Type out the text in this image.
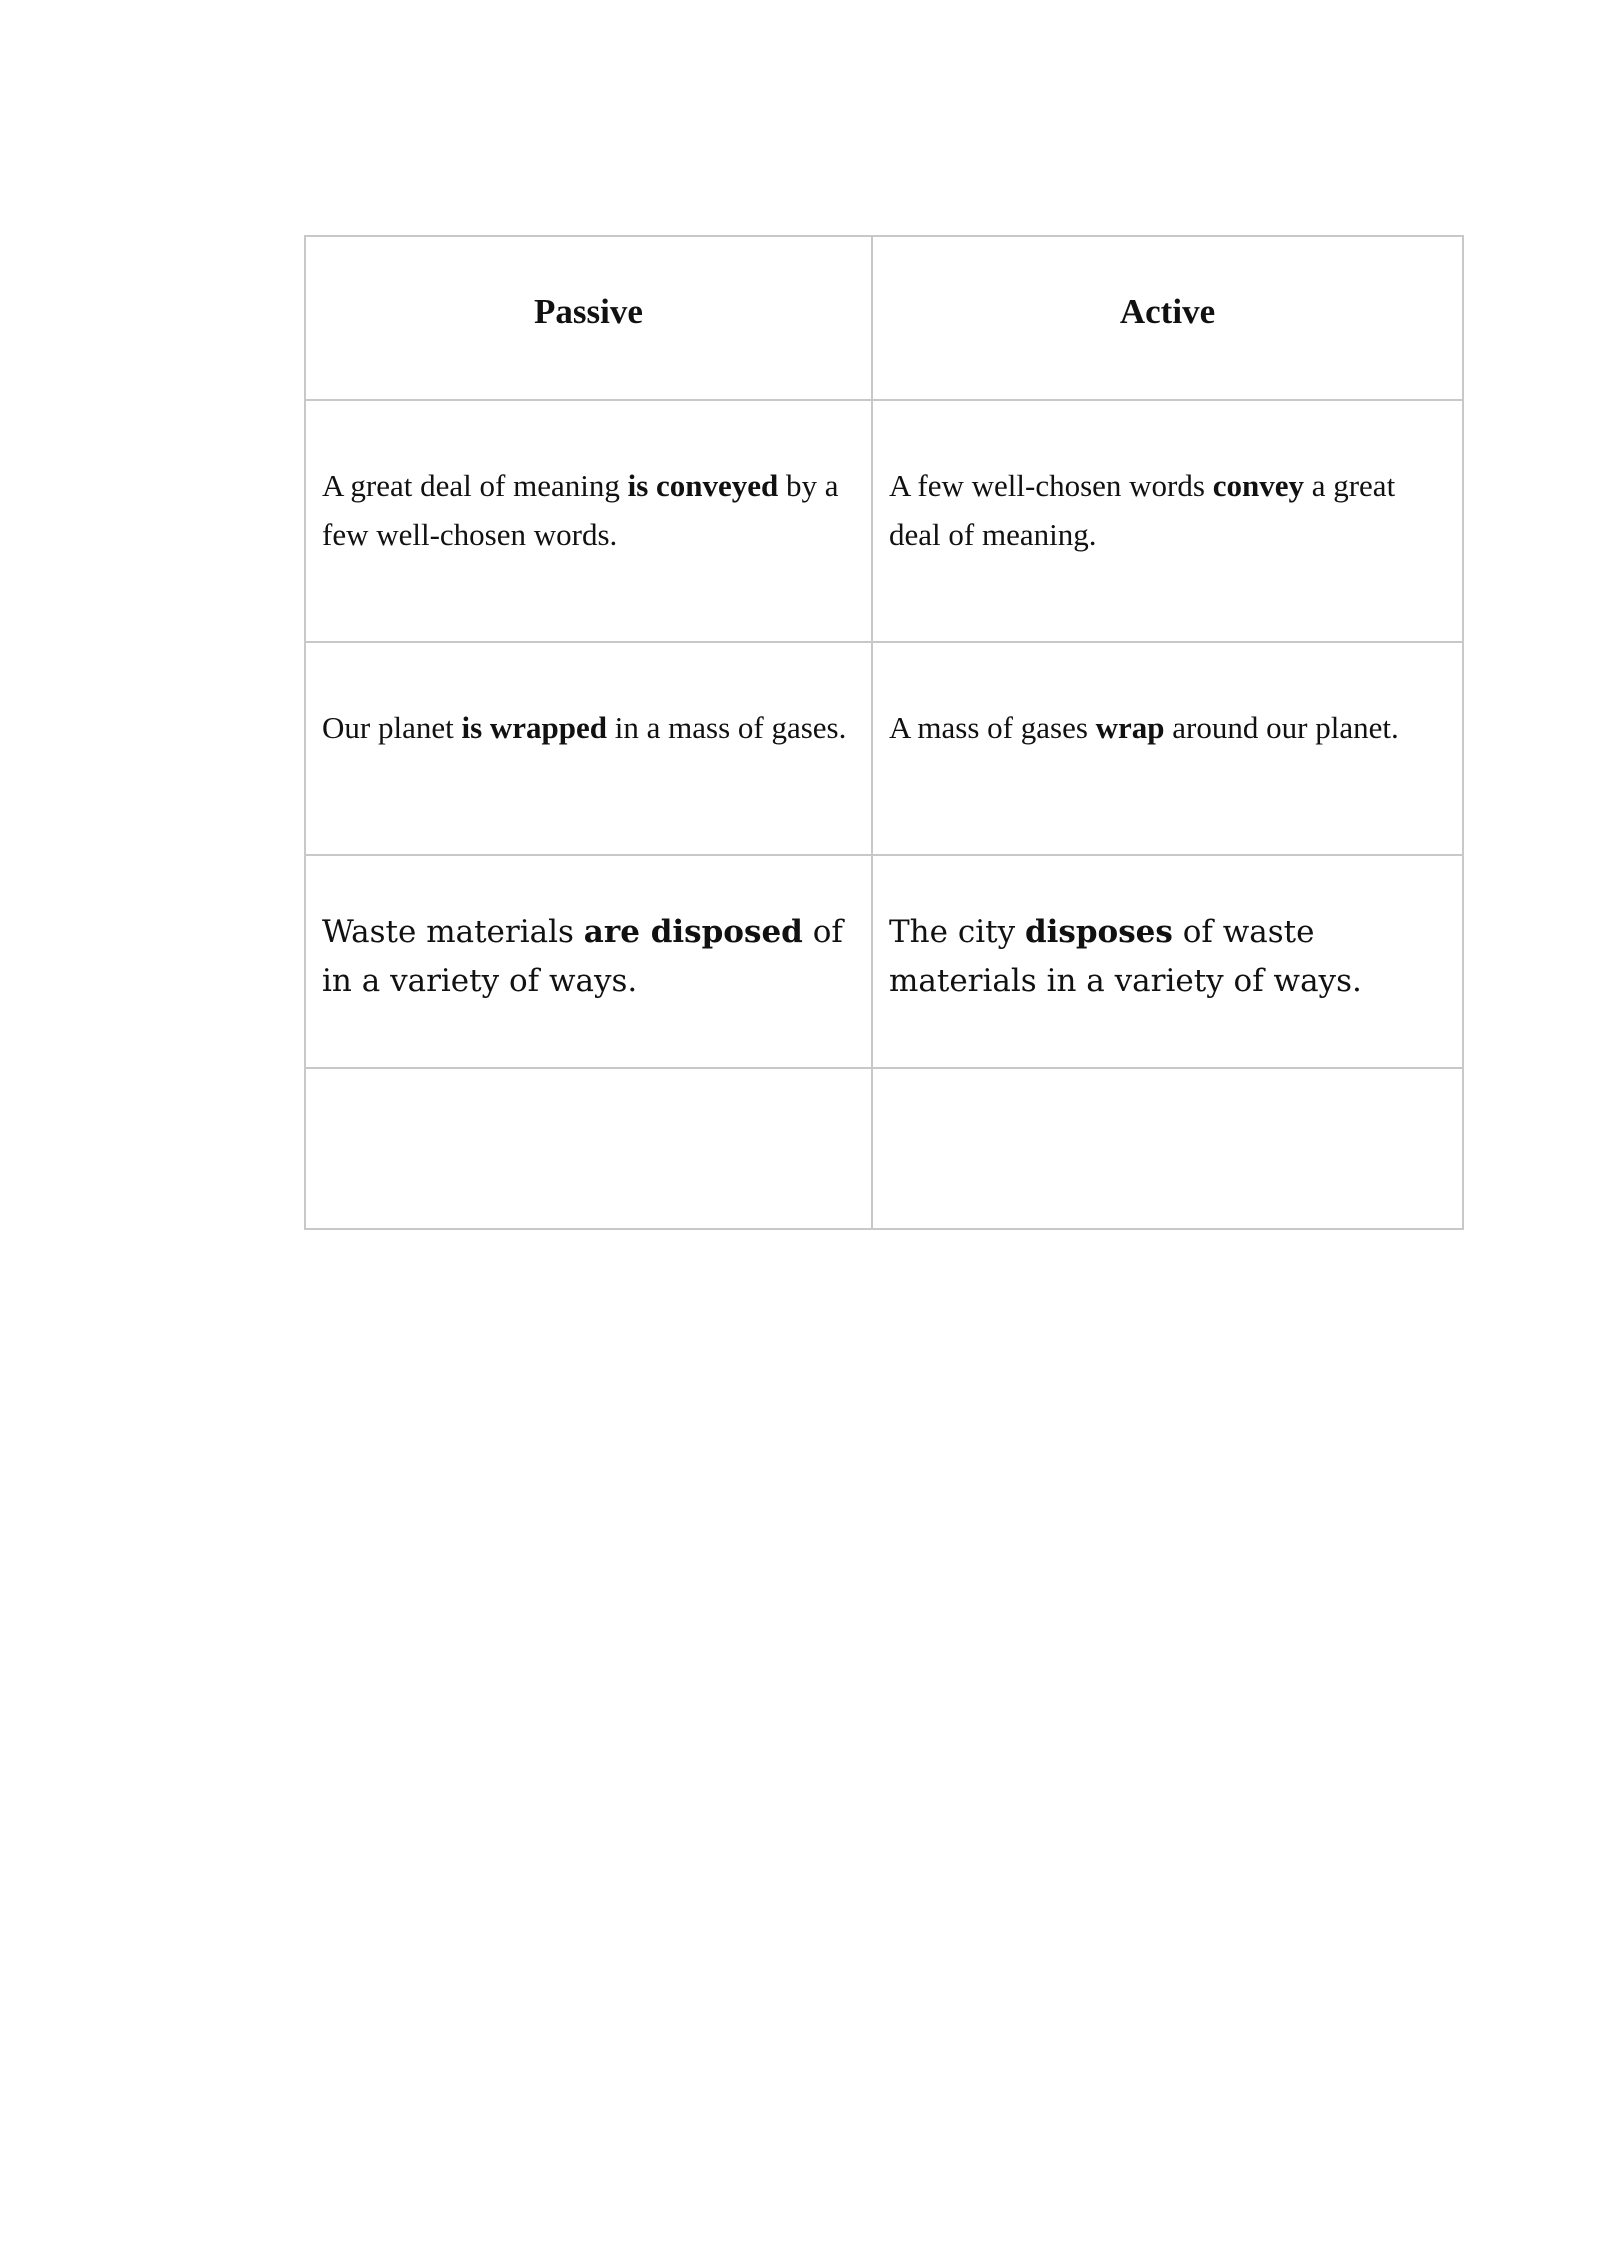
Passive	Active
A great deal of meaning is conveyed by a few well-chosen words.	A few well-chosen words convey a great deal of meaning.
Our planet is wrapped in a mass of gases.	A mass of gases wrap around our planet.
Waste materials are disposed of in a variety of ways.	The city disposes of waste materials in a variety of ways.
